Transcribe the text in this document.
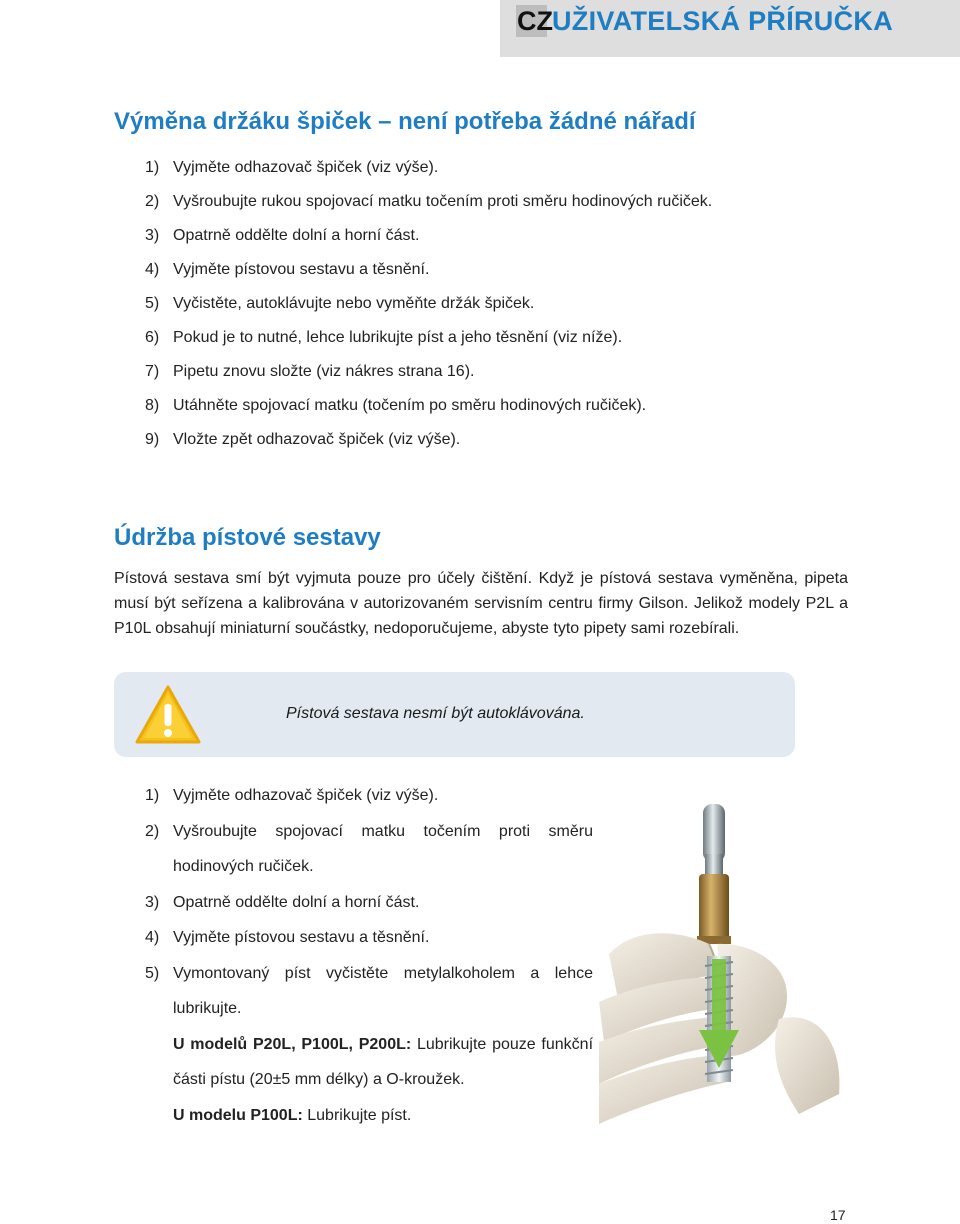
CZ UŽIVATELSKÁ PŘÍRUČKA
Výměna držáku špiček – není potřeba žádné nářadí
1) Vyjměte odhazovač špiček (viz výše).
2) Vyšroubujte rukou spojovací matku točením proti směru hodinových ručiček.
3) Opatrně oddělte dolní a horní část.
4) Vyjměte pístovou sestavu a těsnění.
5) Vyčistěte, autoklávujte nebo vyměňte držák špiček.
6) Pokud je to nutné, lehce lubrikujte píst a jeho těsnění (viz níže).
7) Pipetu znovu složte (viz nákres strana 16).
8) Utáhněte spojovací matku (točením po směru hodinových ručiček).
9) Vložte zpět odhazovač špiček (viz výše).
Údržba pístové sestavy

Pístová sestava smí být vyjmuta pouze pro účely čištění. Když je pístová sestava vyměněna, pipeta musí být seřízena a kalibrována v autorizovaném servisním centru firmy Gilson. Jelikož modely P2L a P10L obsahují miniaturní součástky, nedoporučujeme, abyste tyto pipety sami rozebírali.

Pístová sestava nesmí být autoklávována.
1) Vyjměte odhazovač špiček (viz výše).
2) Vyšroubujte spojovací matku točením proti směru hodinových ručiček.
3) Opatrně oddělte dolní a horní část.
4) Vyjměte pístovou sestavu a těsnění.
5) Vymontovaný píst vyčistěte metylalkoholem a lehce lubrikujte.
U modelů P20L, P100L, P200L: Lubrikujte pouze funkční části pístu (20±5 mm délky) a O-kroužek.
U modelu P100L: Lubrikujte píst.
17
